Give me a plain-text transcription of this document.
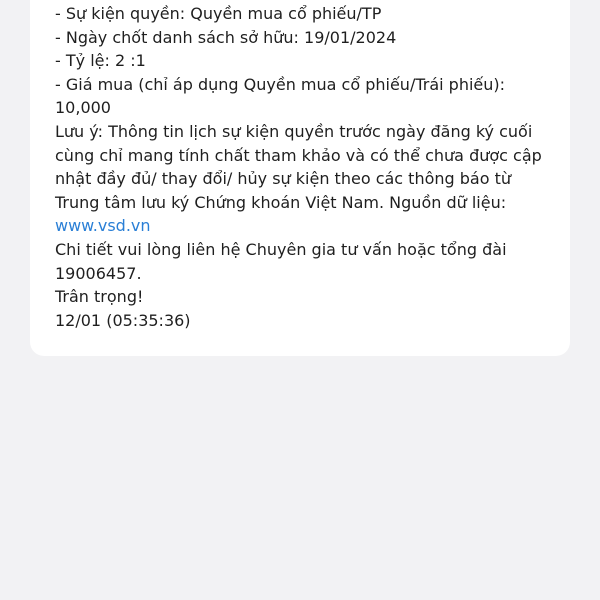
- Sự kiện quyền: Quyền mua cổ phiếu/TP
- Ngày chốt danh sách sở hữu: 19/01/2024
- Tỷ lệ: 2 :1
- Giá mua (chỉ áp dụng Quyền mua cổ phiếu/Trái phiếu):
10,000
Lưu ý: Thông tin lịch sự kiện quyền trước ngày đăng ký cuối
cùng chỉ mang tính chất tham khảo và có thể chưa được cập
nhật đầy đủ/ thay đổi/ hủy sự kiện theo các thông báo từ
Trung tâm lưu ký Chứng khoán Việt Nam. Nguồn dữ liệu:
www.vsd.vn
Chi tiết vui lòng liên hệ Chuyên gia tư vấn hoặc tổng đài
19006457.
Trân trọng!
12/01 (05:35:36)
